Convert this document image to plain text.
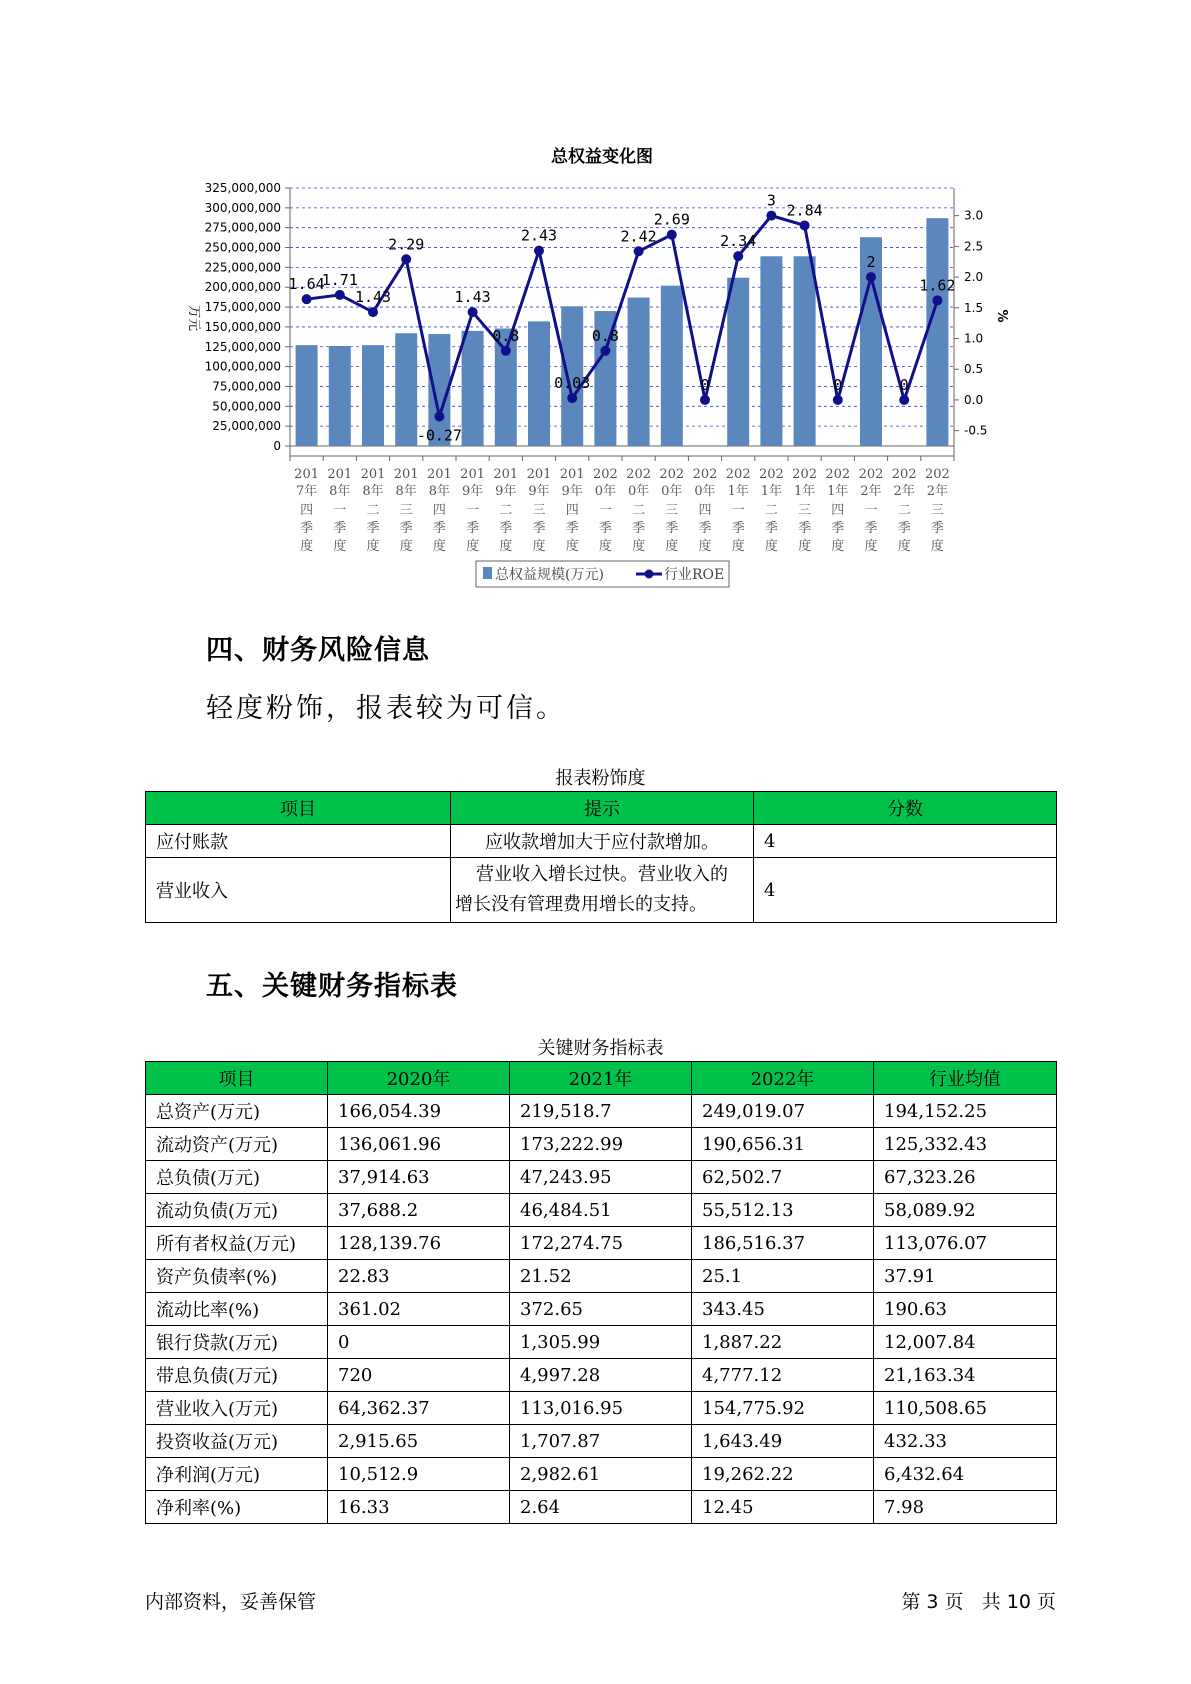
总权益变化图
0
25,000,000
50,000,000
75,000,000
100,000,000
125,000,000
150,000,000
175,000,000
200,000,000
225,000,000
250,000,000
275,000,000
300,000,000
325,000,000
-0.5
0.0
0.5
1.0
1.5
2.0
2.5
3.0
万元	%
1.64
1.71
1.43
2.29
-0.27
1.43
0.8
2.43
0.03
0.8
2.42
2.69
0
2.34
3
2.84
0
2
0
1.62
201
7年
四
季
度
201
8年
一
季
度
201
8年
二
季
度
201
8年
三
季
度
201
8年
四
季
度
201
9年
一
季
度
201
9年
二
季
度
201
9年
三
季
度
201
9年
四
季
度
202
0年
一
季
度
202
0年
二
季
度
202
0年
三
季
度
202
0年
四
季
度
202
1年
一
季
度
202
1年
二
季
度
202
1年
三
季
度
202
1年
四
季
度
202
2年
一
季
度
202
2年
二
季
度
202
2年
三
季
度
总权益规模(万元)	行业ROE
四、财务风险信息
轻度粉饰，报表较为可信。
报表粉饰度
项目	提示	分数
应付账款	应收款增加大于应付款增加。	4
营业收入	营业收入增长过快。营业收入的
增长没有管理费用增长的支持。	4
五、关键财务指标表
关键财务指标表
项目	2020年	2021年	2022年	行业均值
总资产(万元)	166,054.39	219,518.7	249,019.07	194,152.25
流动资产(万元)	136,061.96	173,222.99	190,656.31	125,332.43
总负债(万元)	37,914.63	47,243.95	62,502.7	67,323.26
流动负债(万元)	37,688.2	46,484.51	55,512.13	58,089.92
所有者权益(万元)	128,139.76	172,274.75	186,516.37	113,076.07
资产负债率(%)	22.83	21.52	25.1	37.91
流动比率(%)	361.02	372.65	343.45	190.63
银行贷款(万元)	0	1,305.99	1,887.22	12,007.84
带息负债(万元)	720	4,997.28	4,777.12	21,163.34
营业收入(万元)	64,362.37	113,016.95	154,775.92	110,508.65
投资收益(万元)	2,915.65	1,707.87	1,643.49	432.33
净利润(万元)	10,512.9	2,982.61	19,262.22	6,432.64
净利率(%)	16.33	2.64	12.45	7.98
内部资料，妥善保管	第 3 页 共 10 页
